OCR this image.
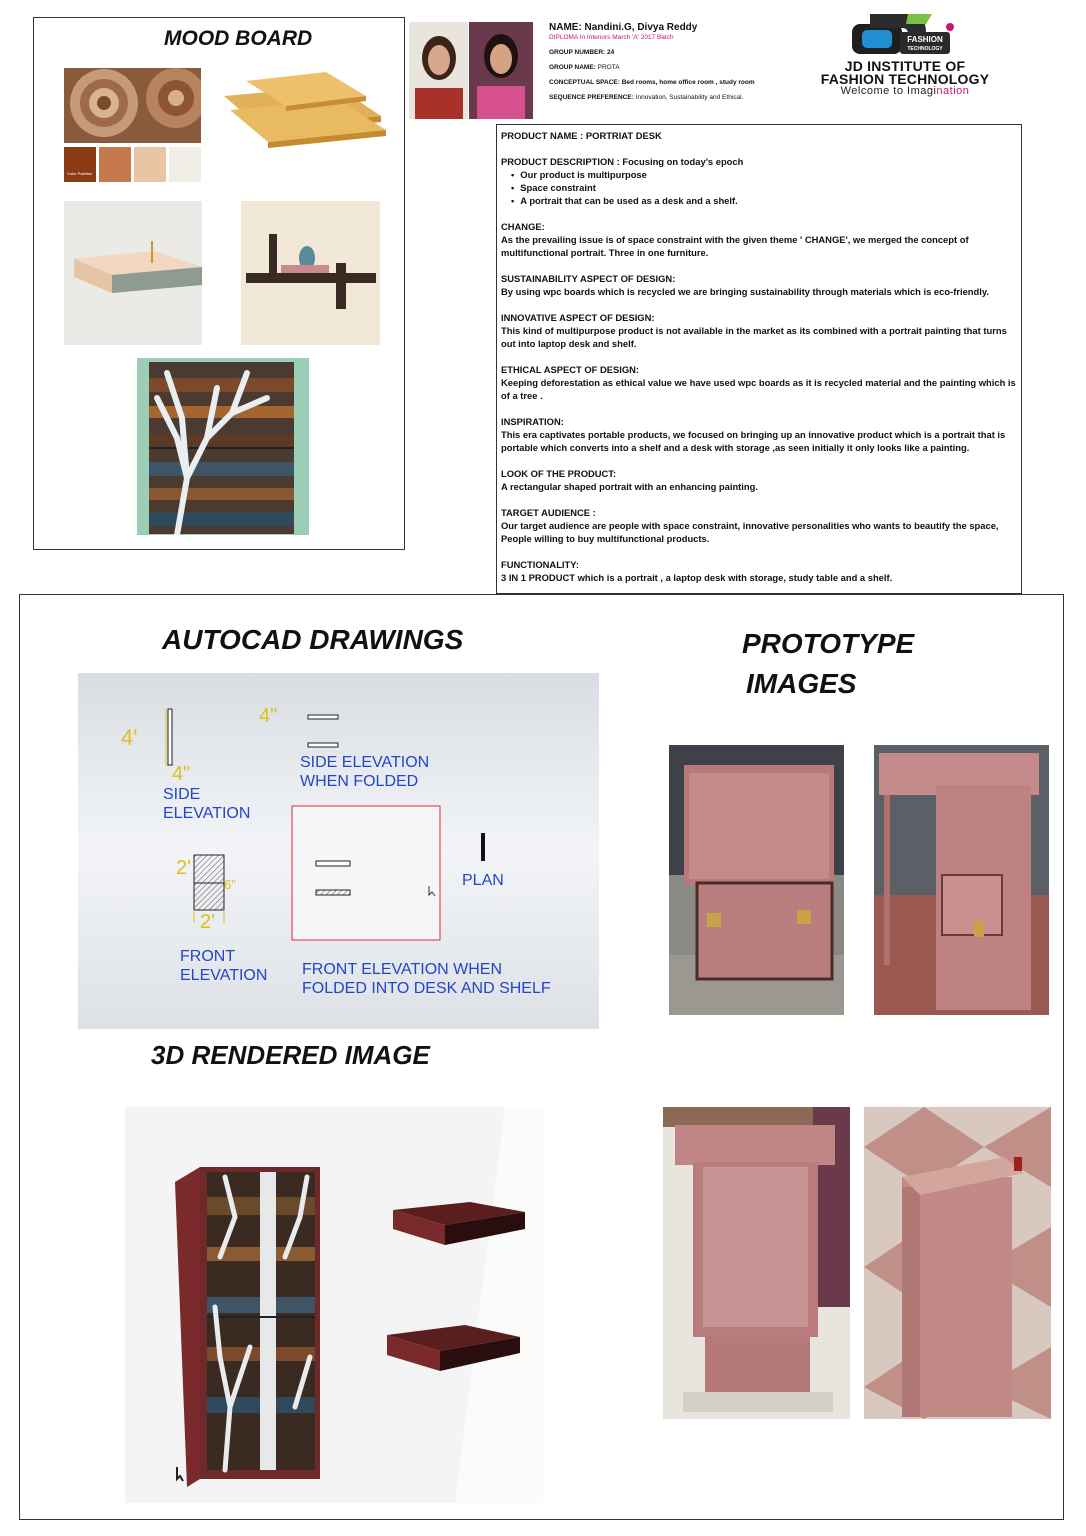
MOOD BOARD
Color Palettes
NAME: Nandini.G, Divya Reddy
DIPLOMA In Interiors March 'A' 2017 Batch
GROUP NUMBER: 24
GROUP NAME: PROTA
CONCEPTUAL SPACE: Bed rooms, home office room , study room
SEQUENCE PREFERENCE: Innovation, Sustainability and Ethical.
FASHION
TECHNOLOGY
JD INSTITUTE OF
FASHION TECHNOLOGY
Welcome to Imagination

PRODUCT NAME : PORTRIAT DESK

PRODUCT DESCRIPTION : Focusing on today's epoch
• Our product is multipurpose
• Space constraint
• A portrait that can be used as a desk and a shelf.

CHANGE:
As the prevailing issue is of space constraint with the given theme ' CHANGE', we merged the concept of multifunctional portrait. Three in one furniture.

SUSTAINABILITY ASPECT OF DESIGN:
By using wpc boards which is recycled we are bringing sustainability through materials which is eco-friendly.

INNOVATIVE ASPECT OF DESIGN:
This kind of multipurpose product is not available in the market as its combined with a portrait painting that turns out into laptop desk and shelf.

ETHICAL ASPECT OF DESIGN:
Keeping deforestation as ethical value we have used wpc boards as it is recycled material and the painting which is of a tree .

INSPIRATION:
This era captivates portable products, we focused on bringing up an innovative product which is a portrait that is portable which converts into a shelf and a desk with storage ,as seen initially it only looks like a painting.

LOOK OF THE PRODUCT:
A rectangular shaped portrait with an enhancing painting.

TARGET AUDIENCE :
Our target audience are people with space constraint, innovative personalities who wants to beautify the space, People willing to buy multifunctional products.

FUNCTIONALITY:
3 IN 1 PRODUCT which is a portrait , a laptop desk with storage, study table and a shelf.

AUTOCAD DRAWINGS	PROTOTYPE
IMAGES
3D RENDERED IMAGE
4'
4"
4"
SIDE
ELEVATION
SIDE ELEVATION
WHEN FOLDED
2'
6"
2'
PLAN
FRONT
ELEVATION FRONT ELEVATION WHEN
FOLDED INTO DESK AND SHELF
